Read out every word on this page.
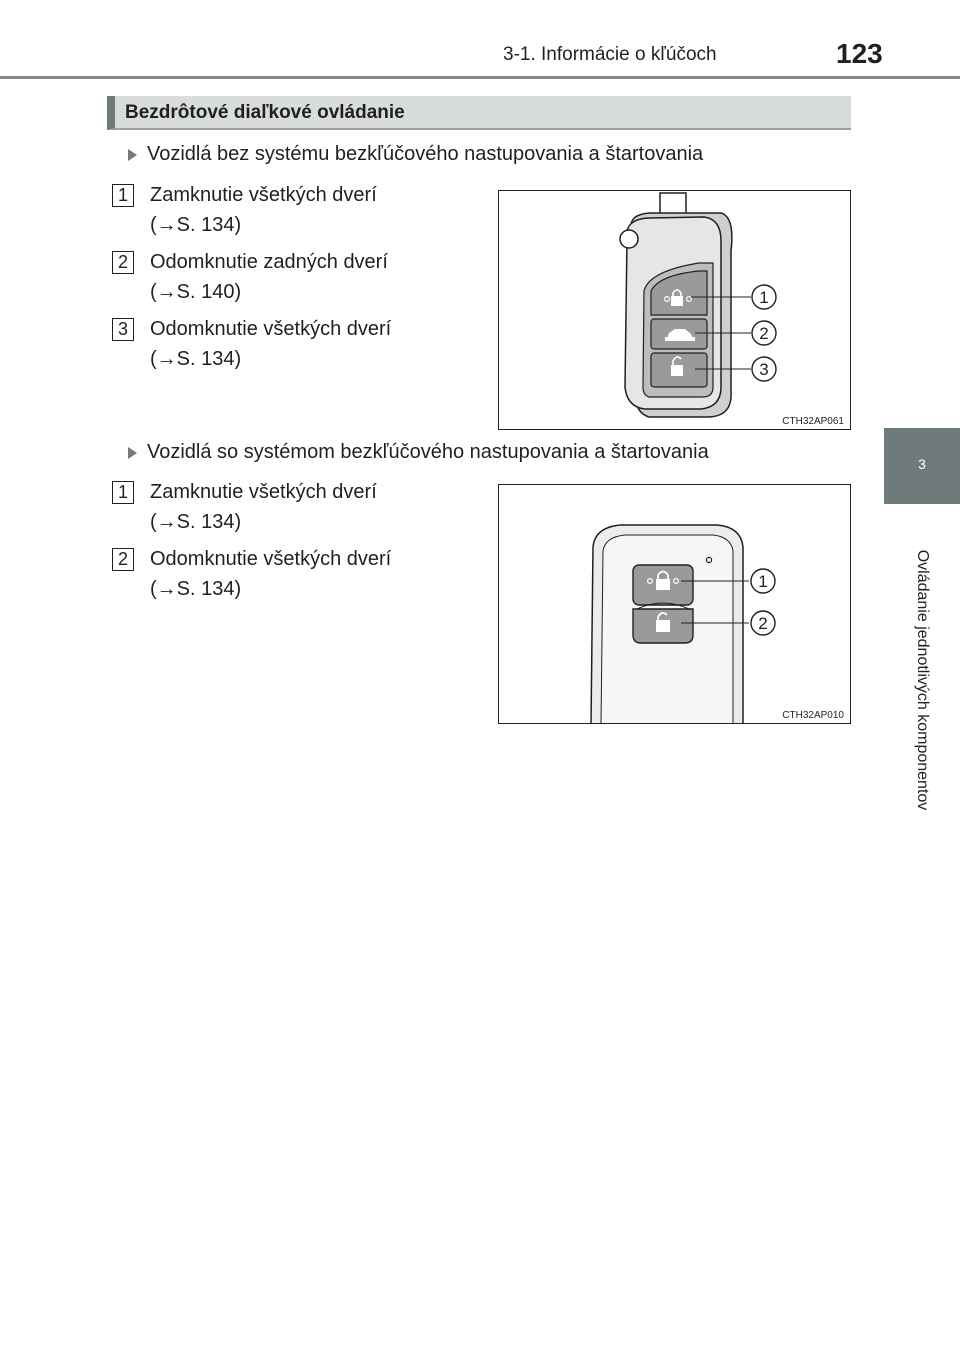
3-1. Informácie o kľúčoch	123
3
Ovládanie jednotlivých komponentov
Bezdrôtové diaľkové ovládanie
Vozidlá bez systému bezkľúčového nastupovania a štartovania
1	Zamknutie všetkých dverí
(→S. 134)
2	Odomknutie zadných dverí
(→S. 140)
3	Odomknutie všetkých dverí
(→S. 134)
1
2
3
CTH32AP061
Vozidlá so systémom bezkľúčového nastupovania a štartovania
1	Zamknutie všetkých dverí
(→S. 134)
2	Odomknutie všetkých dverí
(→S. 134)	1
2
CTH32AP010
